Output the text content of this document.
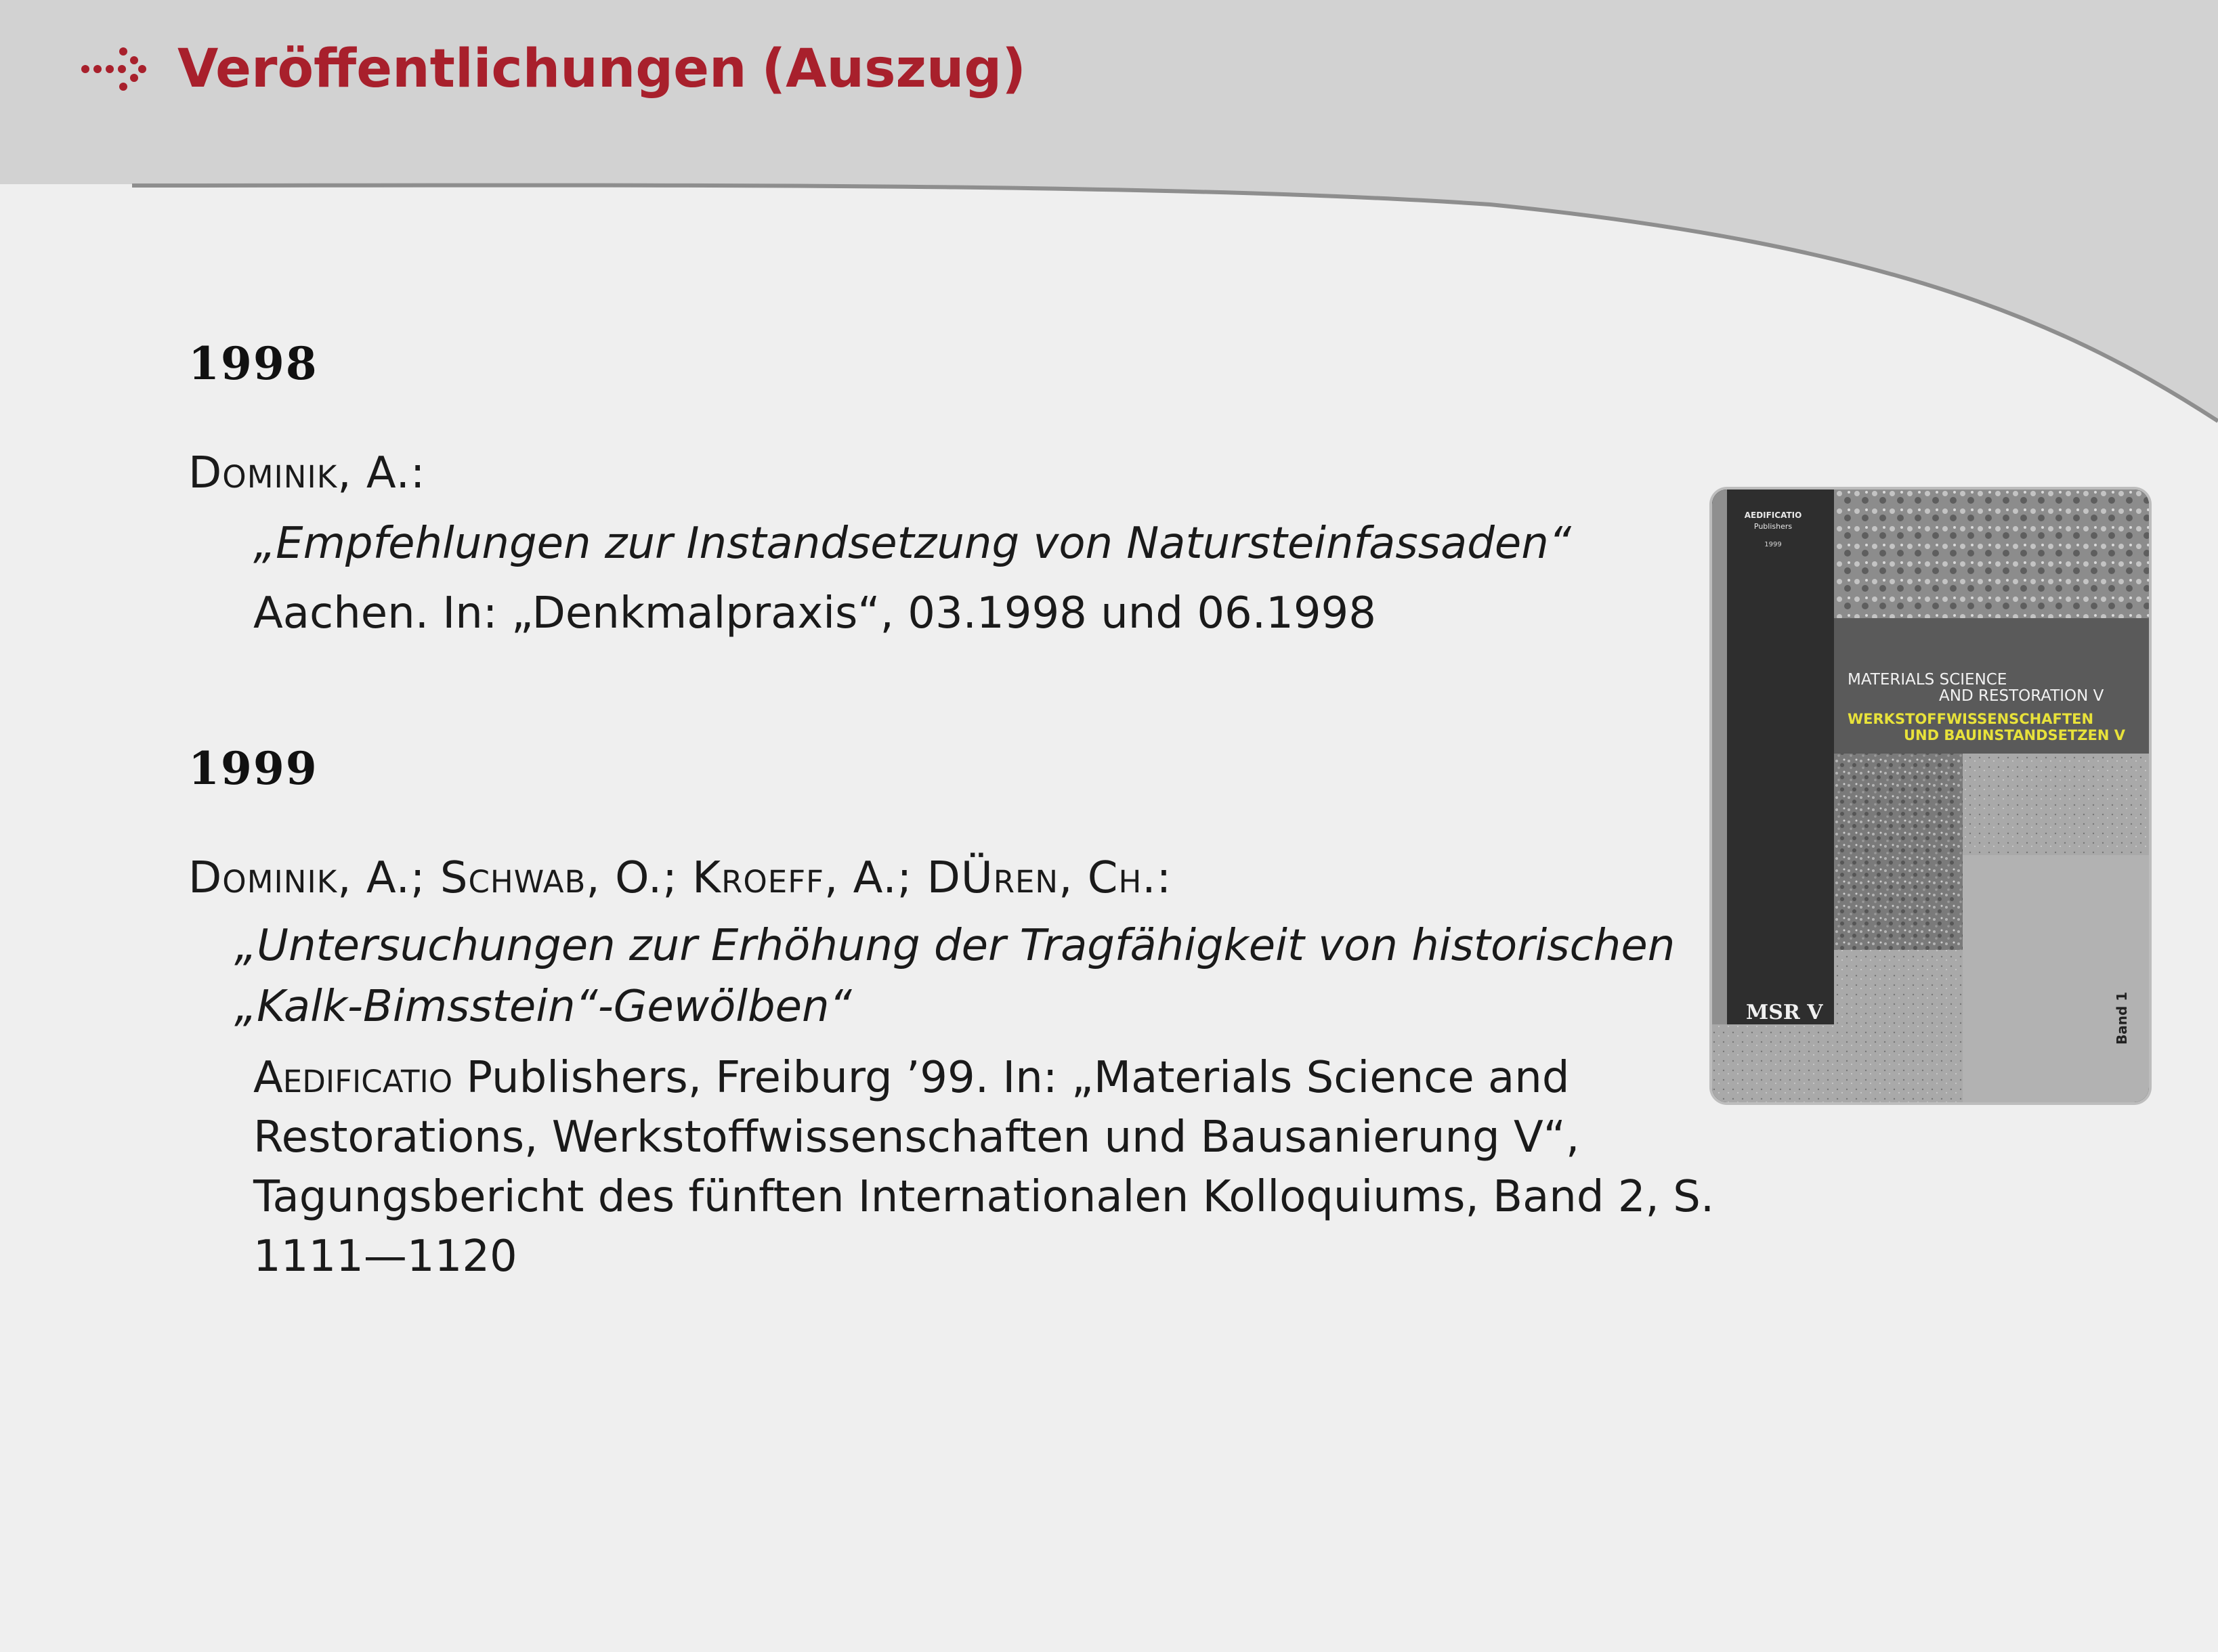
Veröffentlichungen (Auszug)
1998
Dominik, A.:
„Empfehlungen zur Instandsetzung von Natursteinfassaden“
Aachen. In: „Denkmalpraxis“, 03.1998 und 06.1998
1999
Dominik, A.; Schwab, O.; Kroeff, A.; DÜren, Ch.:
„Untersuchungen zur Erhöhung der Tragfähigkeit von historischen
„Kalk-Bimsstein“-Gewölben“
Aedificatio Publishers, Freiburg ’99. In: „Materials Science and
Restorations, Werkstoffwissenschaften und Bausanierung V“,
Tagungsbericht des fünften Internationalen Kolloquiums, Band 2, S.
1111—1120
AEDIFICATIO
Publishers
1999
MATERIALS SCIENCE
AND RESTORATION V
WERKSTOFFWISSENSCHAFTEN
UND BAUINSTANDSETZEN V
MSR V	Band 1
